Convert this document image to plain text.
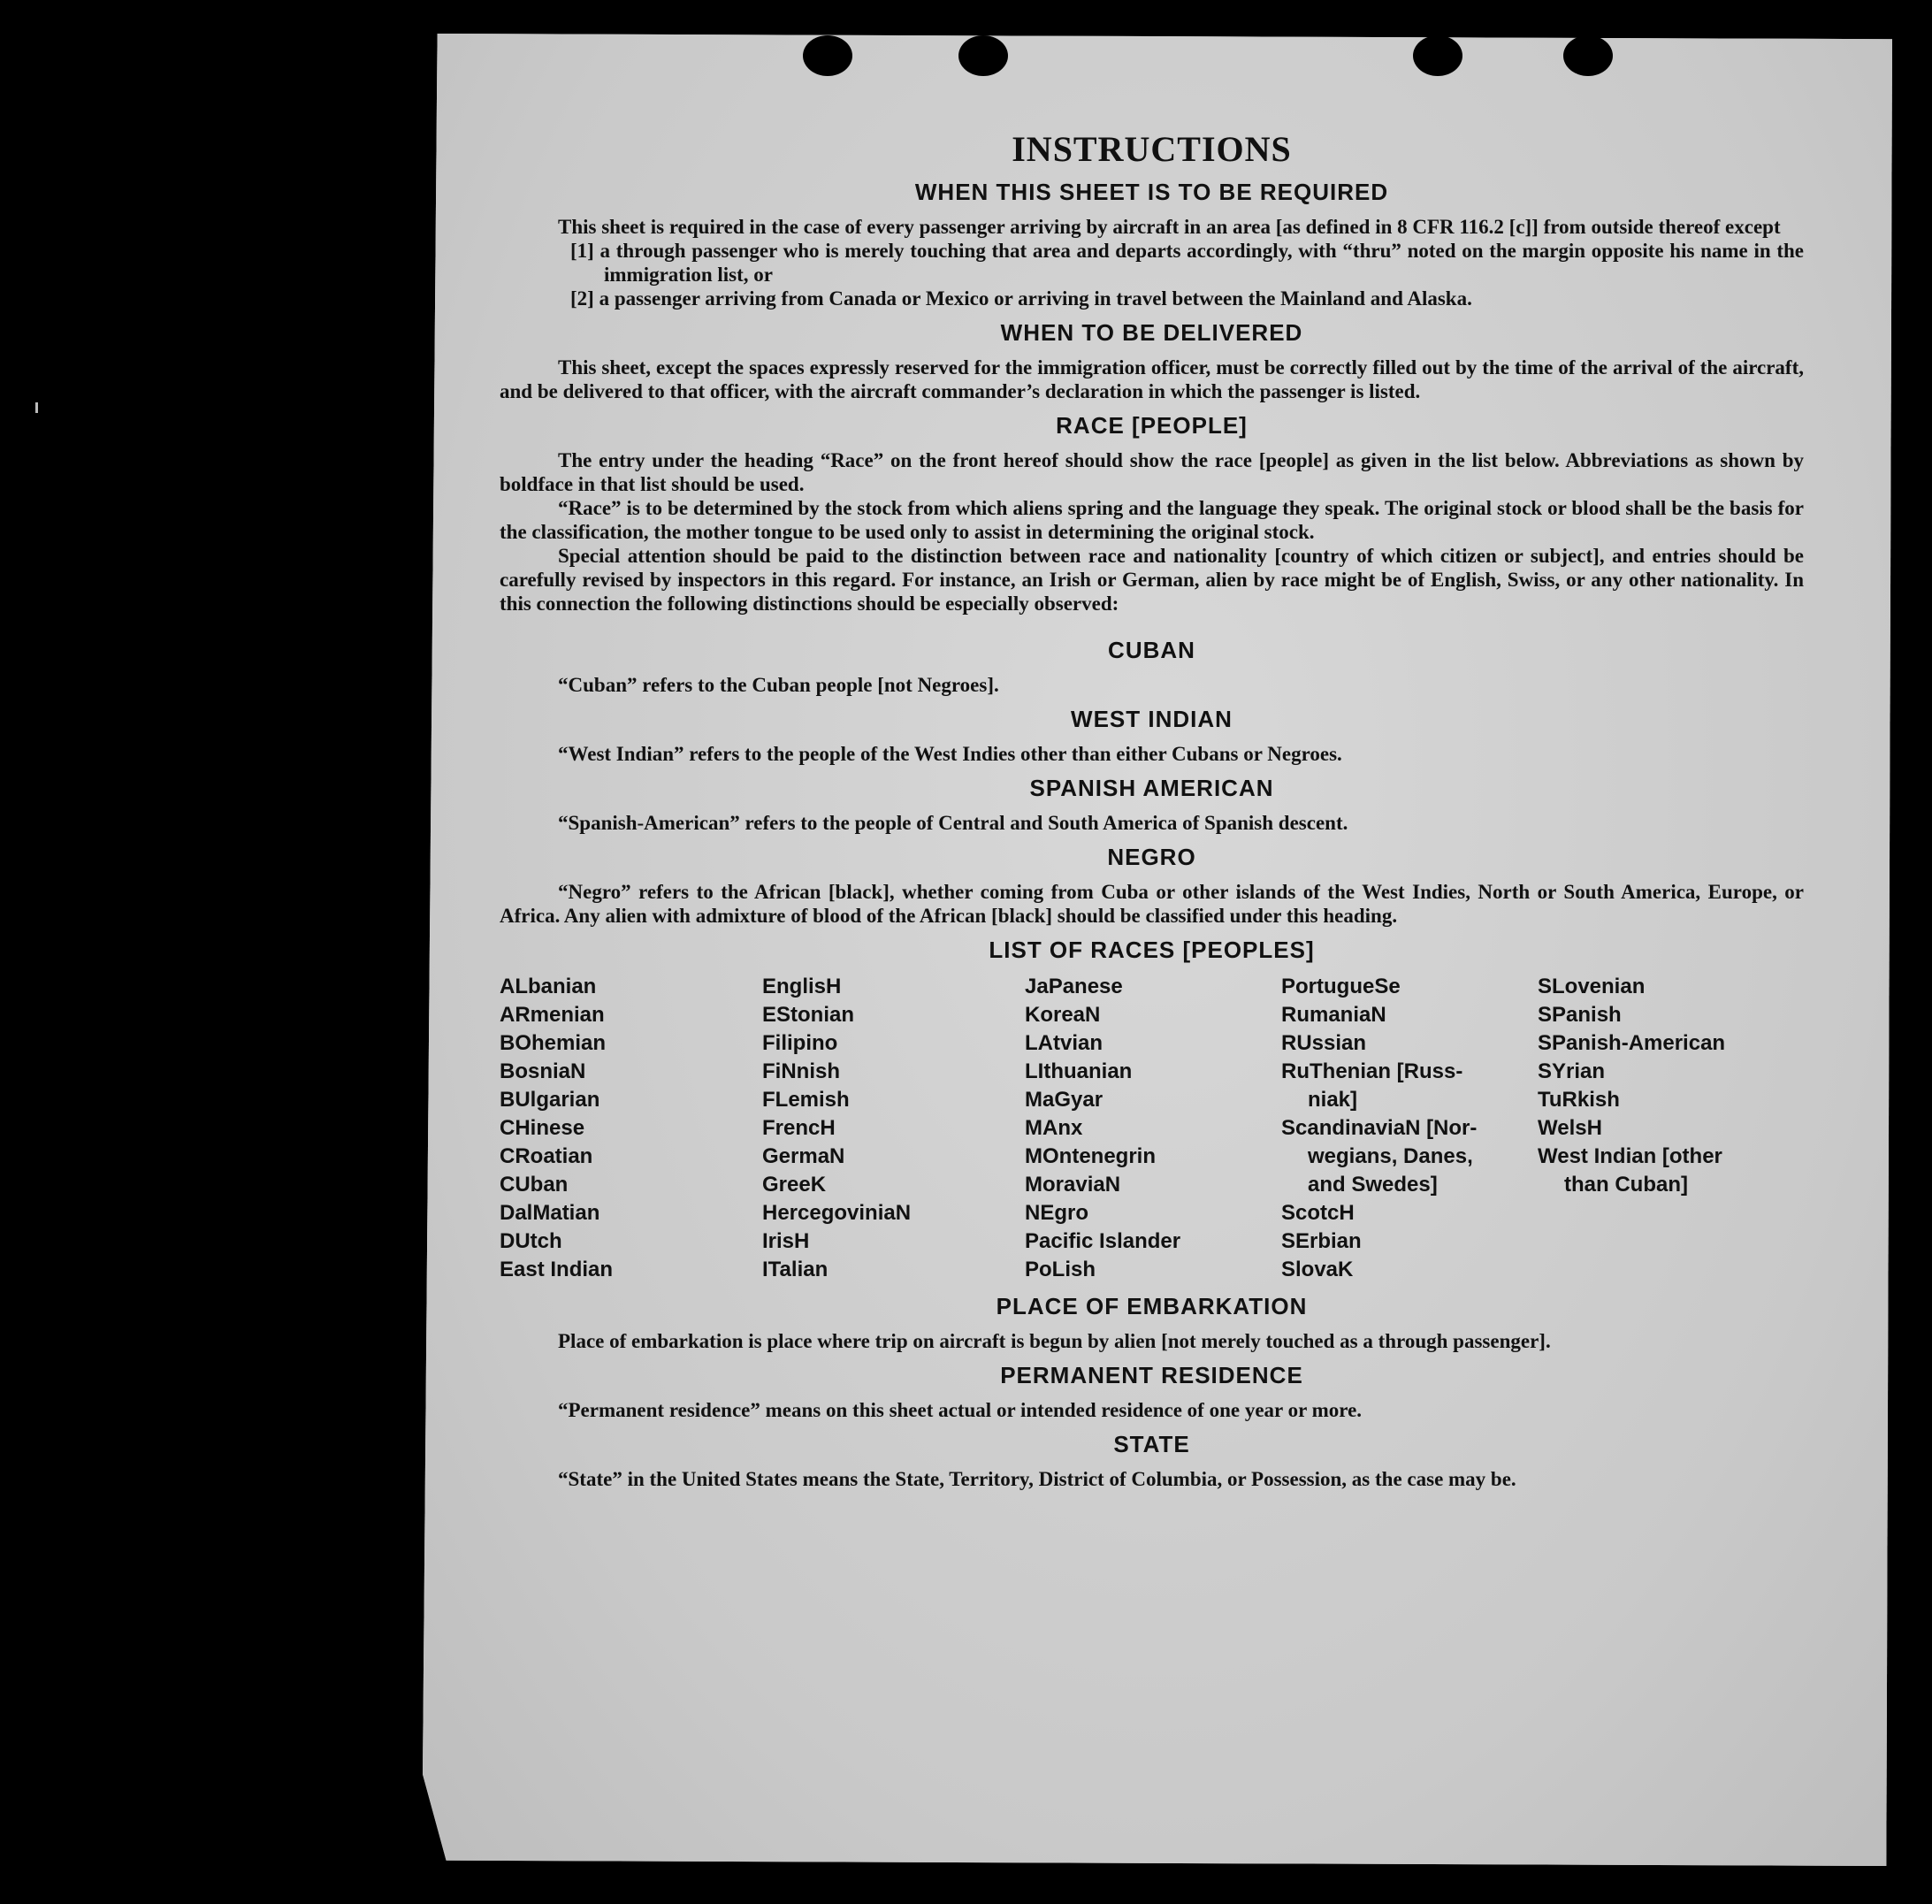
INSTRUCTIONS
WHEN THIS SHEET IS TO BE REQUIRED

This sheet is required in the case of every passenger arriving by aircraft in an area [as defined in 8 CFR 116.2 [c]] from outside thereof except

[1] a through passenger who is merely touching that area and departs accordingly, with “thru” noted on the margin opposite his name in the immigration list, or
[2] a passenger arriving from Canada or Mexico or arriving in travel between the Mainland and Alaska.
WHEN TO BE DELIVERED

This sheet, except the spaces expressly reserved for the immigration officer, must be correctly filled out by the time of the arrival of the aircraft, and be delivered to that officer, with the aircraft commander’s declaration in which the passenger is listed.

RACE [PEOPLE]

The entry under the heading “Race” on the front hereof should show the race [people] as given in the list below. Abbreviations as shown by boldface in that list should be used.

“Race” is to be determined by the stock from which aliens spring and the language they speak. The original stock or blood shall be the basis for the classification, the mother tongue to be used only to assist in determining the original stock.

Special attention should be paid to the distinction between race and nationality [country of which citizen or subject], and entries should be carefully revised by inspectors in this regard. For instance, an Irish or German, alien by race might be of English, Swiss, or any other nationality. In this connection the following distinctions should be especially observed:

CUBAN

“Cuban” refers to the Cuban people [not Negroes].

WEST INDIAN

“West Indian” refers to the people of the West Indies other than either Cubans or Negroes.

SPANISH AMERICAN

“Spanish-American” refers to the people of Central and South America of Spanish descent.

NEGRO

“Negro” refers to the African [black], whether coming from Cuba or other islands of the West Indies, North or South America, Europe, or Africa. Any alien with admixture of blood of the African [black] should be classified under this heading.

LIST OF RACES [PEOPLES]
ALbanian
ARmenian
BOhemian
BosniaN
BUlgarian
CHinese
CRoatian
CUban
DalMatian
DUtch
East Indian
EnglisH
EStonian
Filipino
FiNnish
FLemish
FrencH
GermaN
GreeK
HercegovіniaN
IrisH
ITalian
JaPanese
KoreaN
LAtvian
LIthuanian
MaGyar
MAnx
MOntenegrin
MoraviaN
NEgro
Pacific Islander
PoLish
PortugueSe
RumaniaN
RUssian
RuThenian [Russ-
niak]
ScandinaviaN [Nor-
wegians, Danes,
and Swedes]
ScotcH
SErbian
SlovaK
SLovenian
SPanish
SPanish-American
SYrian
TuRkish
WelsH
West Indian [other
than Cuban]
PLACE OF EMBARKATION

Place of embarkation is place where trip on aircraft is begun by alien [not merely touched as a through passenger].

PERMANENT RESIDENCE

“Permanent residence” means on this sheet actual or intended residence of one year or more.

STATE

“State” in the United States means the State, Territory, District of Columbia, or Possession, as the case may be.
